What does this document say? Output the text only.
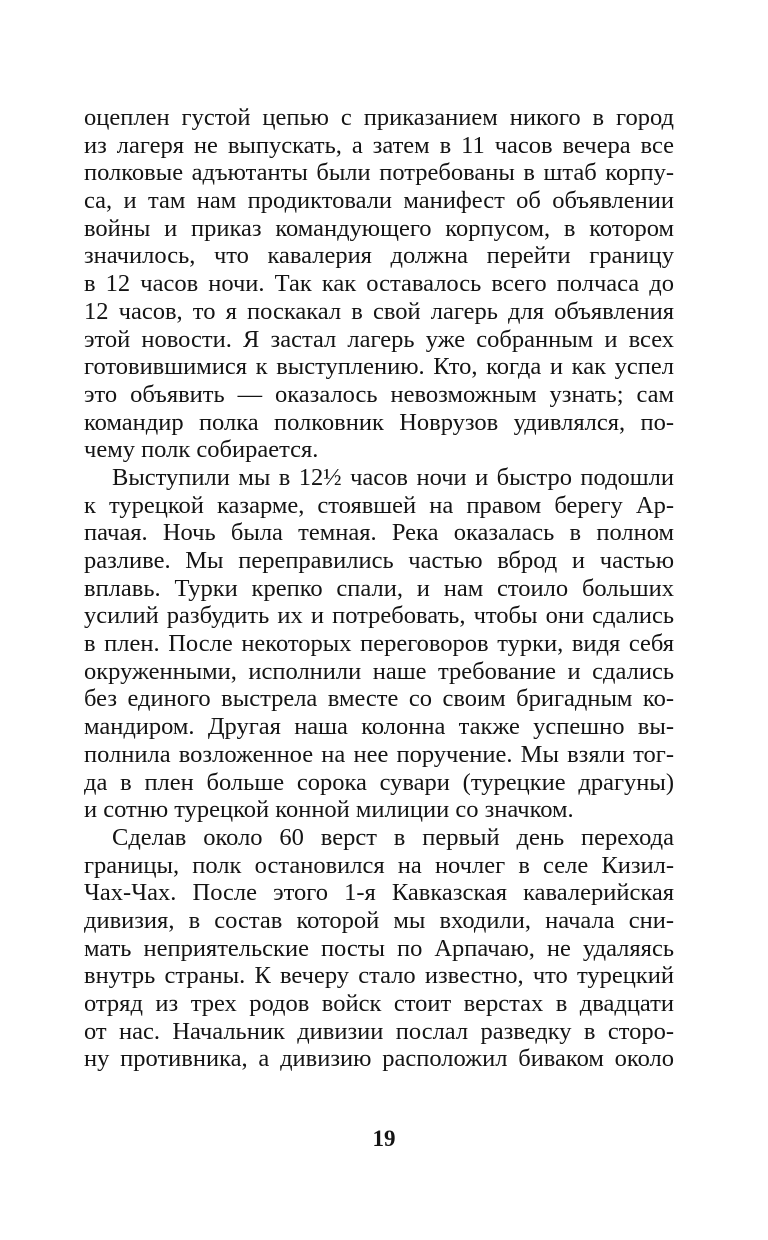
оцеплен густой цепью с приказанием никого в город
из лагеря не выпускать, а затем в 11 часов вечера все
полковые адъютанты были потребованы в штаб корпу-
са, и там нам продиктовали манифест об объявлении
войны и приказ командующего корпусом, в котором
значилось, что кавалерия должна перейти границу
в 12 часов ночи. Так как оставалось всего полчаса до
12 часов, то я поскакал в свой лагерь для объявления
этой новости. Я застал лагерь уже собранным и всех
готовившимися к выступлению. Кто, когда и как успел
это объявить — оказалось невозможным узнать; сам
командир полка полковник Новрузов удивлялся, по-
чему полк собирается.
Выступили мы в 12½ часов ночи и быстро подошли
к турецкой казарме, стоявшей на правом берегу Ар-
пачая. Ночь была темная. Река оказалась в полном
разливе. Мы переправились частью вброд и частью
вплавь. Турки крепко спали, и нам стоило больших
усилий разбудить их и потребовать, чтобы они сдались
в плен. После некоторых переговоров турки, видя себя
окруженными, исполнили наше требование и сдались
без единого выстрела вместе со своим бригадным ко-
мандиром. Другая наша колонна также успешно вы-
полнила возложенное на нее поручение. Мы взяли тог-
да в плен больше сорока сувари (турецкие драгуны)
и сотню турецкой конной милиции со значком.
Сделав около 60 верст в первый день перехода
границы, полк остановился на ночлег в селе Кизил-
Чах-Чах. После этого 1-я Кавказская кавалерийская
дивизия, в состав которой мы входили, начала сни-
мать неприятельские посты по Арпачаю, не удаляясь
внутрь страны. К вечеру стало известно, что турецкий
отряд из трех родов войск стоит верстах в двадцати
от нас. Начальник дивизии послал разведку в сторо-
ну противника, а дивизию расположил биваком около
19
